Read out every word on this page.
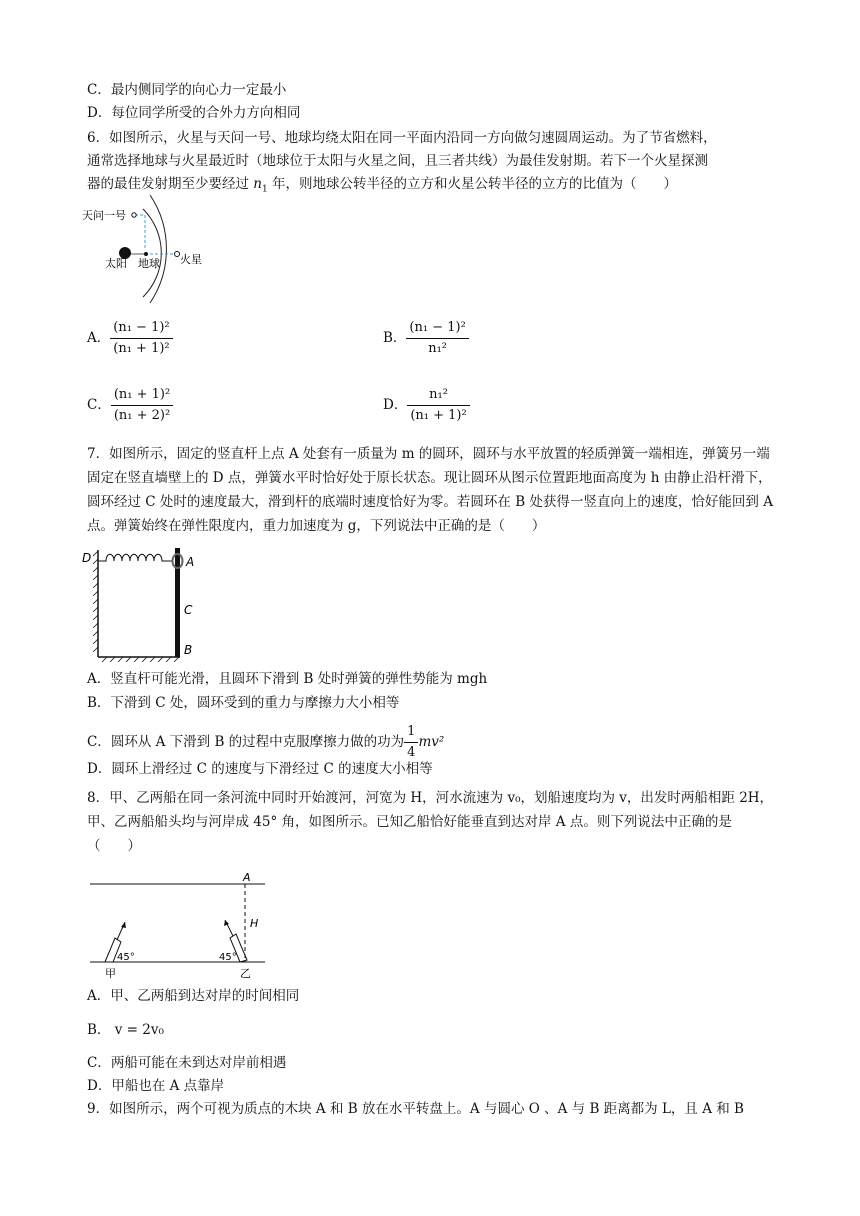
C．最内侧同学的向心力一定最小
D．每位同学所受的合外力方向相同
6．如图所示，火星与天问一号、地球均绕太阳在同一平面内沿同一方向做匀速圆周运动。为了节省燃料，
通常选择地球与火星最近时（地球位于太阳与火星之间，且三者共线）为最佳发射期。若下一个火星探测
器的最佳发射期至少要经过 $n_1$ 年，则地球公转半径的立方和火星公转半径的立方的比值为（　　）
天问一号
太阳 地球 火星
A． $\frac{\text{(n₁ − 1)²}}{\text{(n₁ + 1)²}}$	B． $\frac{\text{(n₁ − 1)²}}{\text{n₁²}}$
C． $\frac{\text{(n₁ + 1)²}}{\text{(n₁ + 2)²}}$	D． $\frac{\text{n₁²}}{\text{(n₁ + 1)²}}$
7．如图所示，固定的竖直杆上点 A 处套有一质量为 m 的圆环，圆环与水平放置的轻质弹簧一端相连，弹簧另一端固定在竖直墙壁上的 D 点，弹簧水平时恰好处于原长状态。现让圆环从图示位置距地面高度为 h 由静止沿杆滑下，圆环经过 C 处时的速度最大，滑到杆的底端时速度恰好为零。若圆环在 B 处获得一竖直向上的速度，恰好能回到 A 点。弹簧始终在弹性限度内，重力加速度为 g，下列说法中正确的是（　　）
D	A
C
B
A．竖直杆可能光滑，且圆环下滑到 B 处时弹簧的弹性势能为 mgh
B．下滑到 C 处，圆环受到的重力与摩擦力大小相等
C．圆环从 A 下滑到 B 的过程中克服摩擦力做的功为 $\frac{1}{4} mv^2$
D．圆环上滑经过 C 的速度与下滑经过 C 的速度大小相等
8．甲、乙两船在同一条河流中同时开始渡河，河宽为 H，河水流速为 v₀，划船速度均为 v，出发时两船相距 2H，甲、乙两船船头均与河岸成 45° 角，如图所示。已知乙船恰好能垂直到达对岸 A 点。则下列说法中正确的是（　　）
A
H
45°	45°
甲	乙
A．甲、乙两船到达对岸的时间相同
B． v = 2v₀
C．两船可能在未到达对岸前相遇
D．甲船也在 A 点靠岸
9．如图所示，两个可视为质点的木块 A 和 B 放在水平转盘上。A 与圆心 O 、A 与 B 距离都为 L，且 A 和 B
